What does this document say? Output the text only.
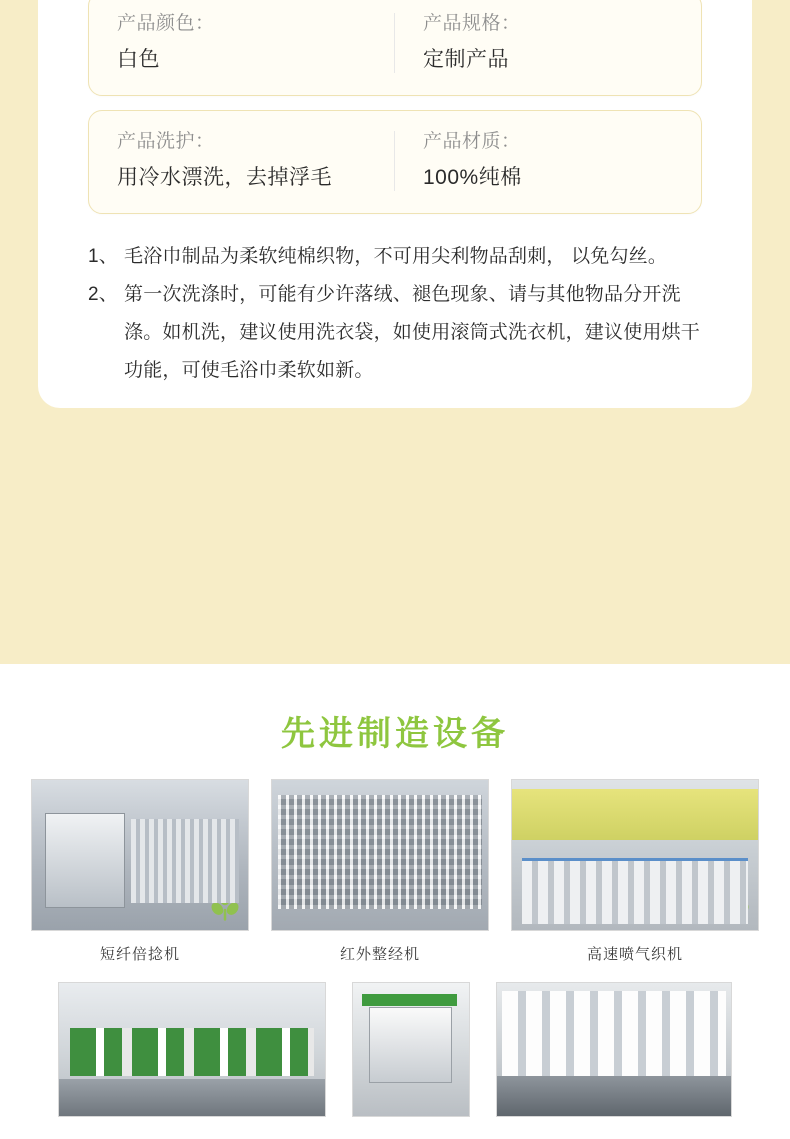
产品颜色：
白色
产品规格：
定制产品
产品洗护：
用冷水漂洗，去掉浮毛
产品材质：
100%纯棉
1、 毛浴巾制品为柔软纯棉织物，不可用尖利物品刮刺， 以免勾丝。
2、 第一次洗涤时，可能有少许落绒、褪色现象、请与其他物品分开洗涤。如机洗，建议使用洗衣袋，如使用滚筒式洗衣机，建议使用烘干功能，可使毛浴巾柔软如新。
先进制造设备
短纤倍捻机	红外整经机	高速喷气织机
